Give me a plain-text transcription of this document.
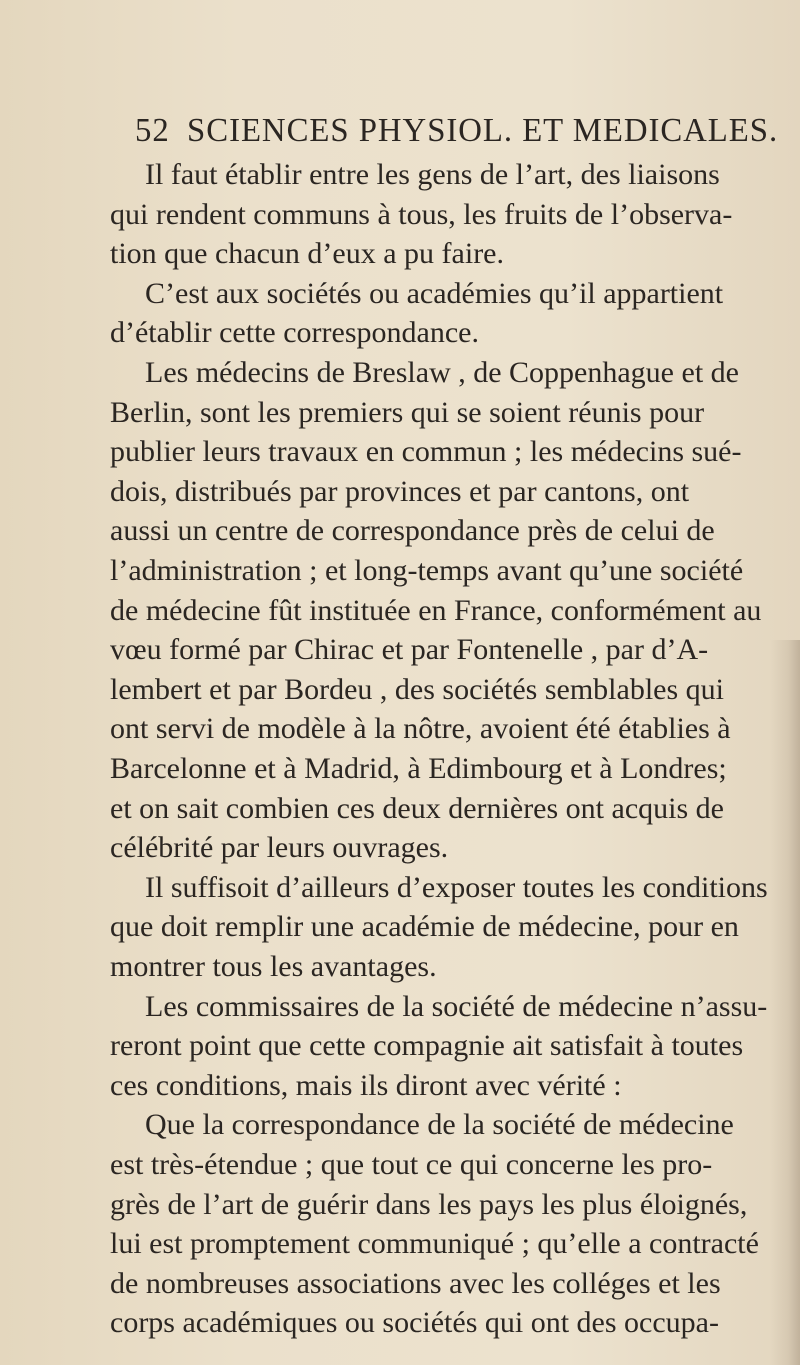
52 SCIENCES PHYSIOL. ET MEDICALES.
Il faut établir entre les gens de l’art, des liaisons
qui rendent communs à tous, les fruits de l’observa-
tion que chacun d’eux a pu faire.
C’est aux sociétés ou académies qu’il appartient
d’établir cette correspondance.
Les médecins de Breslaw , de Coppenhague et de
Berlin, sont les premiers qui se soient réunis pour
publier leurs travaux en commun ; les médecins sué-
dois, distribués par provinces et par cantons, ont
aussi un centre de correspondance près de celui de
l’administration ; et long-temps avant qu’une société
de médecine fût instituée en France, conformément au
vœu formé par Chirac et par Fontenelle , par d’A-
lembert et par Bordeu , des sociétés semblables qui
ont servi de modèle à la nôtre, avoient été établies à
Barcelonne et à Madrid, à Edimbourg et à Londres;
et on sait combien ces deux dernières ont acquis de
célébrité par leurs ouvrages.
Il suffisoit d’ailleurs d’exposer toutes les conditions
que doit remplir une académie de médecine, pour en
montrer tous les avantages.
Les commissaires de la société de médecine n’assu-
reront point que cette compagnie ait satisfait à toutes
ces conditions, mais ils diront avec vérité :
Que la correspondance de la société de médecine
est très-étendue ; que tout ce qui concerne les pro-
grès de l’art de guérir dans les pays les plus éloignés,
lui est promptement communiqué ; qu’elle a contracté
de nombreuses associations avec les colléges et les
corps académiques ou sociétés qui ont des occupa-
